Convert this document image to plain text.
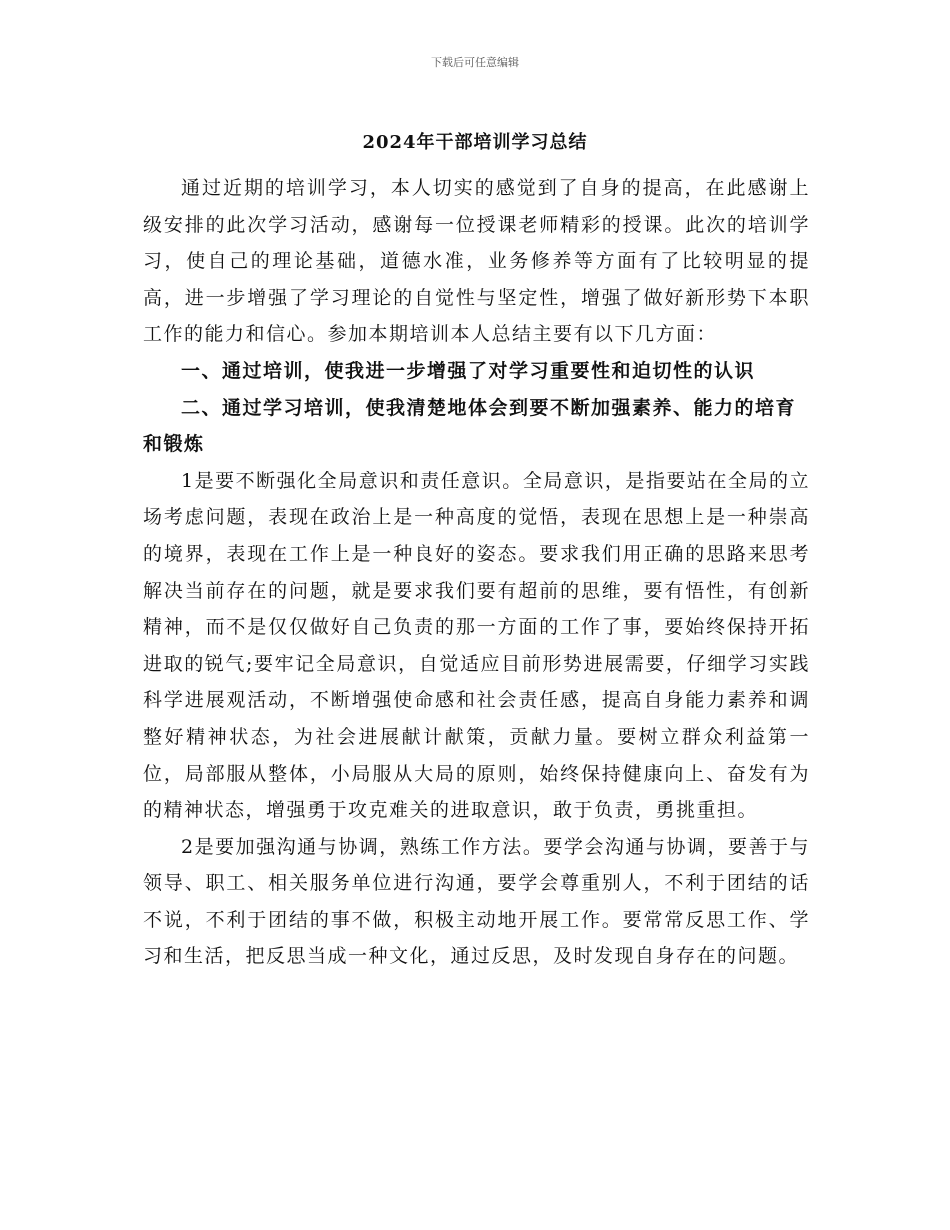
下载后可任意编辑
2024年干部培训学习总结

通过近期的培训学习，本人切实的感觉到了自身的提高，在此感谢上级安排的此次学习活动，感谢每一位授课老师精彩的授课。此次的培训学习，使自己的理论基础，道德水准，业务修养等方面有了比较明显的提高，进一步增强了学习理论的自觉性与坚定性，增强了做好新形势下本职工作的能力和信心。参加本期培训本人总结主要有以下几方面：

一、通过培训，使我进一步增强了对学习重要性和迫切性的认识

二、通过学习培训，使我清楚地体会到要不断加强素养、能力的培育和锻炼

1是要不断强化全局意识和责任意识。全局意识，是指要站在全局的立场考虑问题，表现在政治上是一种高度的觉悟，表现在思想上是一种崇高的境界，表现在工作上是一种良好的姿态。要求我们用正确的思路来思考解决当前存在的问题，就是要求我们要有超前的思维，要有悟性，有创新精神，而不是仅仅做好自己负责的那一方面的工作了事，要始终保持开拓进取的锐气;要牢记全局意识，自觉适应目前形势进展需要，仔细学习实践科学进展观活动，不断增强使命感和社会责任感，提高自身能力素养和调整好精神状态，为社会进展献计献策，贡献力量。要树立群众利益第一位，局部服从整体，小局服从大局的原则，始终保持健康向上、奋发有为的精神状态，增强勇于攻克难关的进取意识，敢于负责，勇挑重担。

2是要加强沟通与协调，熟练工作方法。要学会沟通与协调，要善于与领导、职工、相关服务单位进行沟通，要学会尊重别人，不利于团结的话不说，不利于团结的事不做，积极主动地开展工作。要常常反思工作、学习和生活，把反思当成一种文化，通过反思，及时发现自身存在的问题。
